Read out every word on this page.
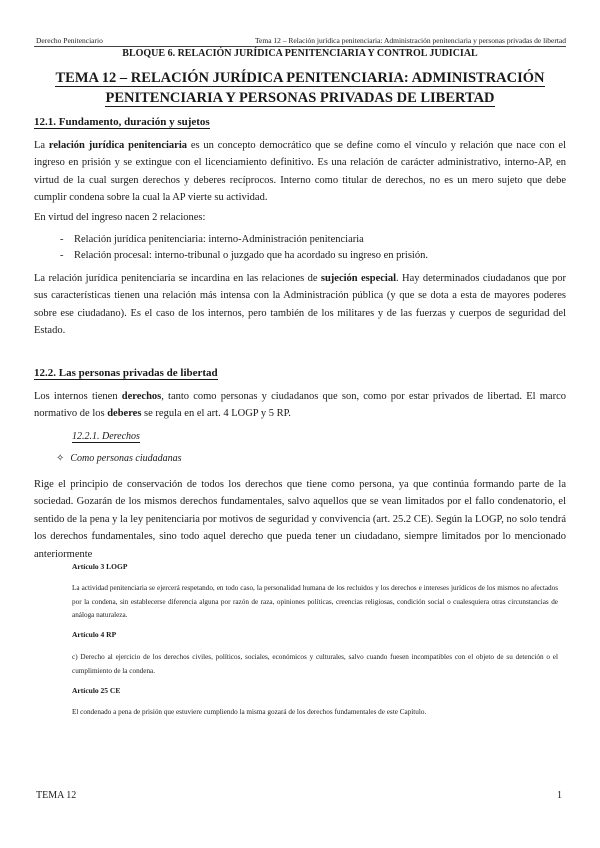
Derecho Penitenciario	Tema 12 – Relación jurídica penitenciaria: Administración penitenciaria y personas privadas de libertad
BLOQUE 6. RELACIÓN JURÍDICA PENITENCIARIA Y CONTROL JUDICIAL
TEMA 12 – RELACIÓN JURÍDICA PENITENCIARIA: ADMINISTRACIÓN
PENITENCIARIA Y PERSONAS PRIVADAS DE LIBERTAD
12.1. Fundamento, duración y sujetos
La relación jurídica penitenciaria es un concepto democrático que se define como el vínculo y relación que nace con el ingreso en prisión y se extingue con el licenciamiento definitivo. Es una relación de carácter administrativo, interno-AP, en virtud de la cual surgen derechos y deberes recíprocos. Interno como titular de derechos, no es un mero sujeto que debe cumplir condena sobre la cual la AP vierte su actividad.
En virtud del ingreso nacen 2 relaciones:
- Relación jurídica penitenciaria: interno-Administración penitenciaria
- Relación procesal: interno-tribunal o juzgado que ha acordado su ingreso en prisión.
La relación jurídica penitenciaria se incardina en las relaciones de sujeción especial. Hay determinados ciudadanos que por sus características tienen una relación más intensa con la Administración pública (y que se dota a esta de mayores poderes sobre ese ciudadano). Es el caso de los internos, pero también de los militares y de las fuerzas y cuerpos de seguridad del Estado.
12.2. Las personas privadas de libertad
Los internos tienen derechos, tanto como personas y ciudadanos que son, como por estar privados de libertad. El marco normativo de los deberes se regula en el art. 4 LOGP y 5 RP.
12.2.1. Derechos
✧ Como personas ciudadanas
Rige el principio de conservación de todos los derechos que tiene como persona, ya que continúa formando parte de la sociedad. Gozarán de los mismos derechos fundamentales, salvo aquellos que se vean limitados por el fallo condenatorio, el sentido de la pena y la ley penitenciaria por motivos de seguridad y convivencia (art. 25.2 CE). Según la LOGP, no solo tendrá los derechos fundamentales, sino todo aquel derecho que pueda tener un ciudadano, siempre limitados por lo mencionado anteriormente
Artículo 3 LOGP
La actividad penitenciaria se ejercerá respetando, en todo caso, la personalidad humana de los recluidos y los derechos e intereses jurídicos de los mismos no afectados por la condena, sin establecerse diferencia alguna por razón de raza, opiniones políticas, creencias religiosas, condición social o cualesquiera otras circunstancias de análoga naturaleza.
Artículo 4 RP
c) Derecho al ejercicio de los derechos civiles, políticos, sociales, económicos y culturales, salvo cuando fuesen incompatibles con el objeto de su detención o el cumplimiento de la condena.
Artículo 25 CE
El condenado a pena de prisión que estuviere cumpliendo la misma gozará de los derechos fundamentales de este Capítulo.
TEMA 12	1
